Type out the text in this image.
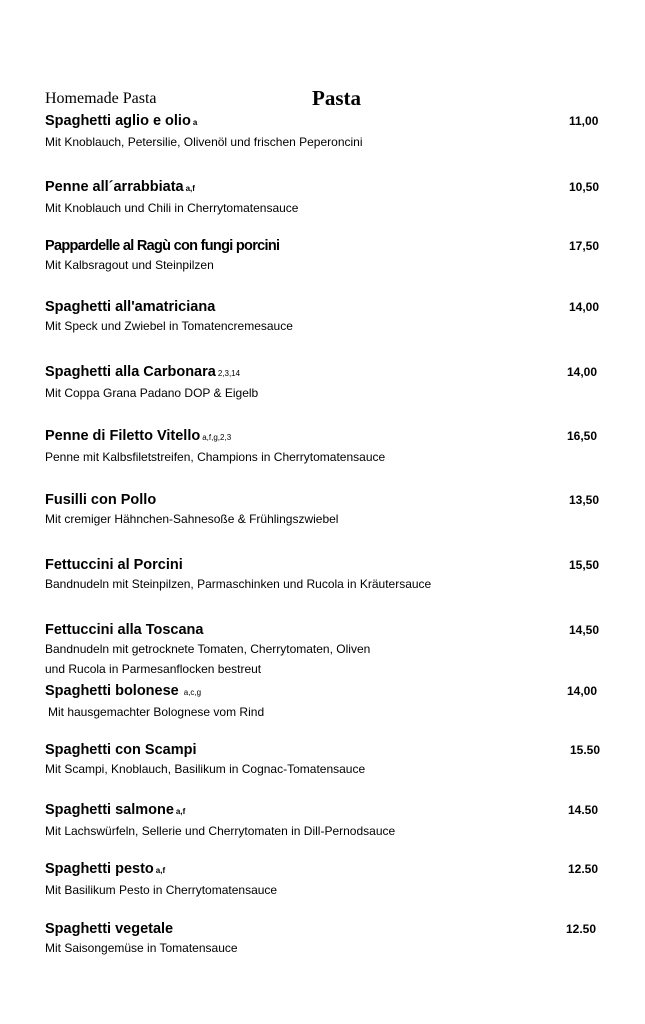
Homemade Pasta	Pasta
Spaghetti aglio e olio a
Mit Knoblauch, Petersilie, Olivenöl und frischen Peperoncini
11,00
Penne all´arrabbiata a,f
Mit Knoblauch und Chili in Cherrytomatensauce
10,50
Pappardelle al Ragù con fungi porcini
Mit Kalbsragout und Steinpilzen
17,50
Spaghetti all'amatriciana
Mit Speck und Zwiebel in Tomatencremesauce
14,00
Spaghetti alla Carbonara 2,3,14
Mit Coppa Grana Padano DOP & Eigelb
14,00
Penne di Filetto Vitello a,f,g,2,3
Penne mit Kalbsfiletstreifen, Champions in Cherrytomatensauce
16,50
Fusilli con Pollo
Mit cremiger Hähnchen-Sahnesoße & Frühlingszwiebel
13,50
Fettuccini al Porcini
Bandnudeln mit Steinpilzen, Parmaschinken und Rucola in Kräutersauce
15,50
Fettuccini alla Toscana
Bandnudeln mit getrocknete Tomaten, Cherrytomaten, Oliven
und Rucola in Parmesanflocken bestreut
14,50
Spaghetti bolonese a,c,g
Mit hausgemachter Bolognese vom Rind
14,00
Spaghetti con Scampi
Mit Scampi, Knoblauch, Basilikum in Cognac-Tomatensauce
15.50
Spaghetti salmone a,f
Mit Lachswürfeln, Sellerie und Cherrytomaten in Dill-Pernodsauce
14.50
Spaghetti pesto a,f
Mit Basilikum Pesto in Cherrytomatensauce
12.50
Spaghetti vegetale
Mit Saisongemüse in Tomatensauce
12.50
